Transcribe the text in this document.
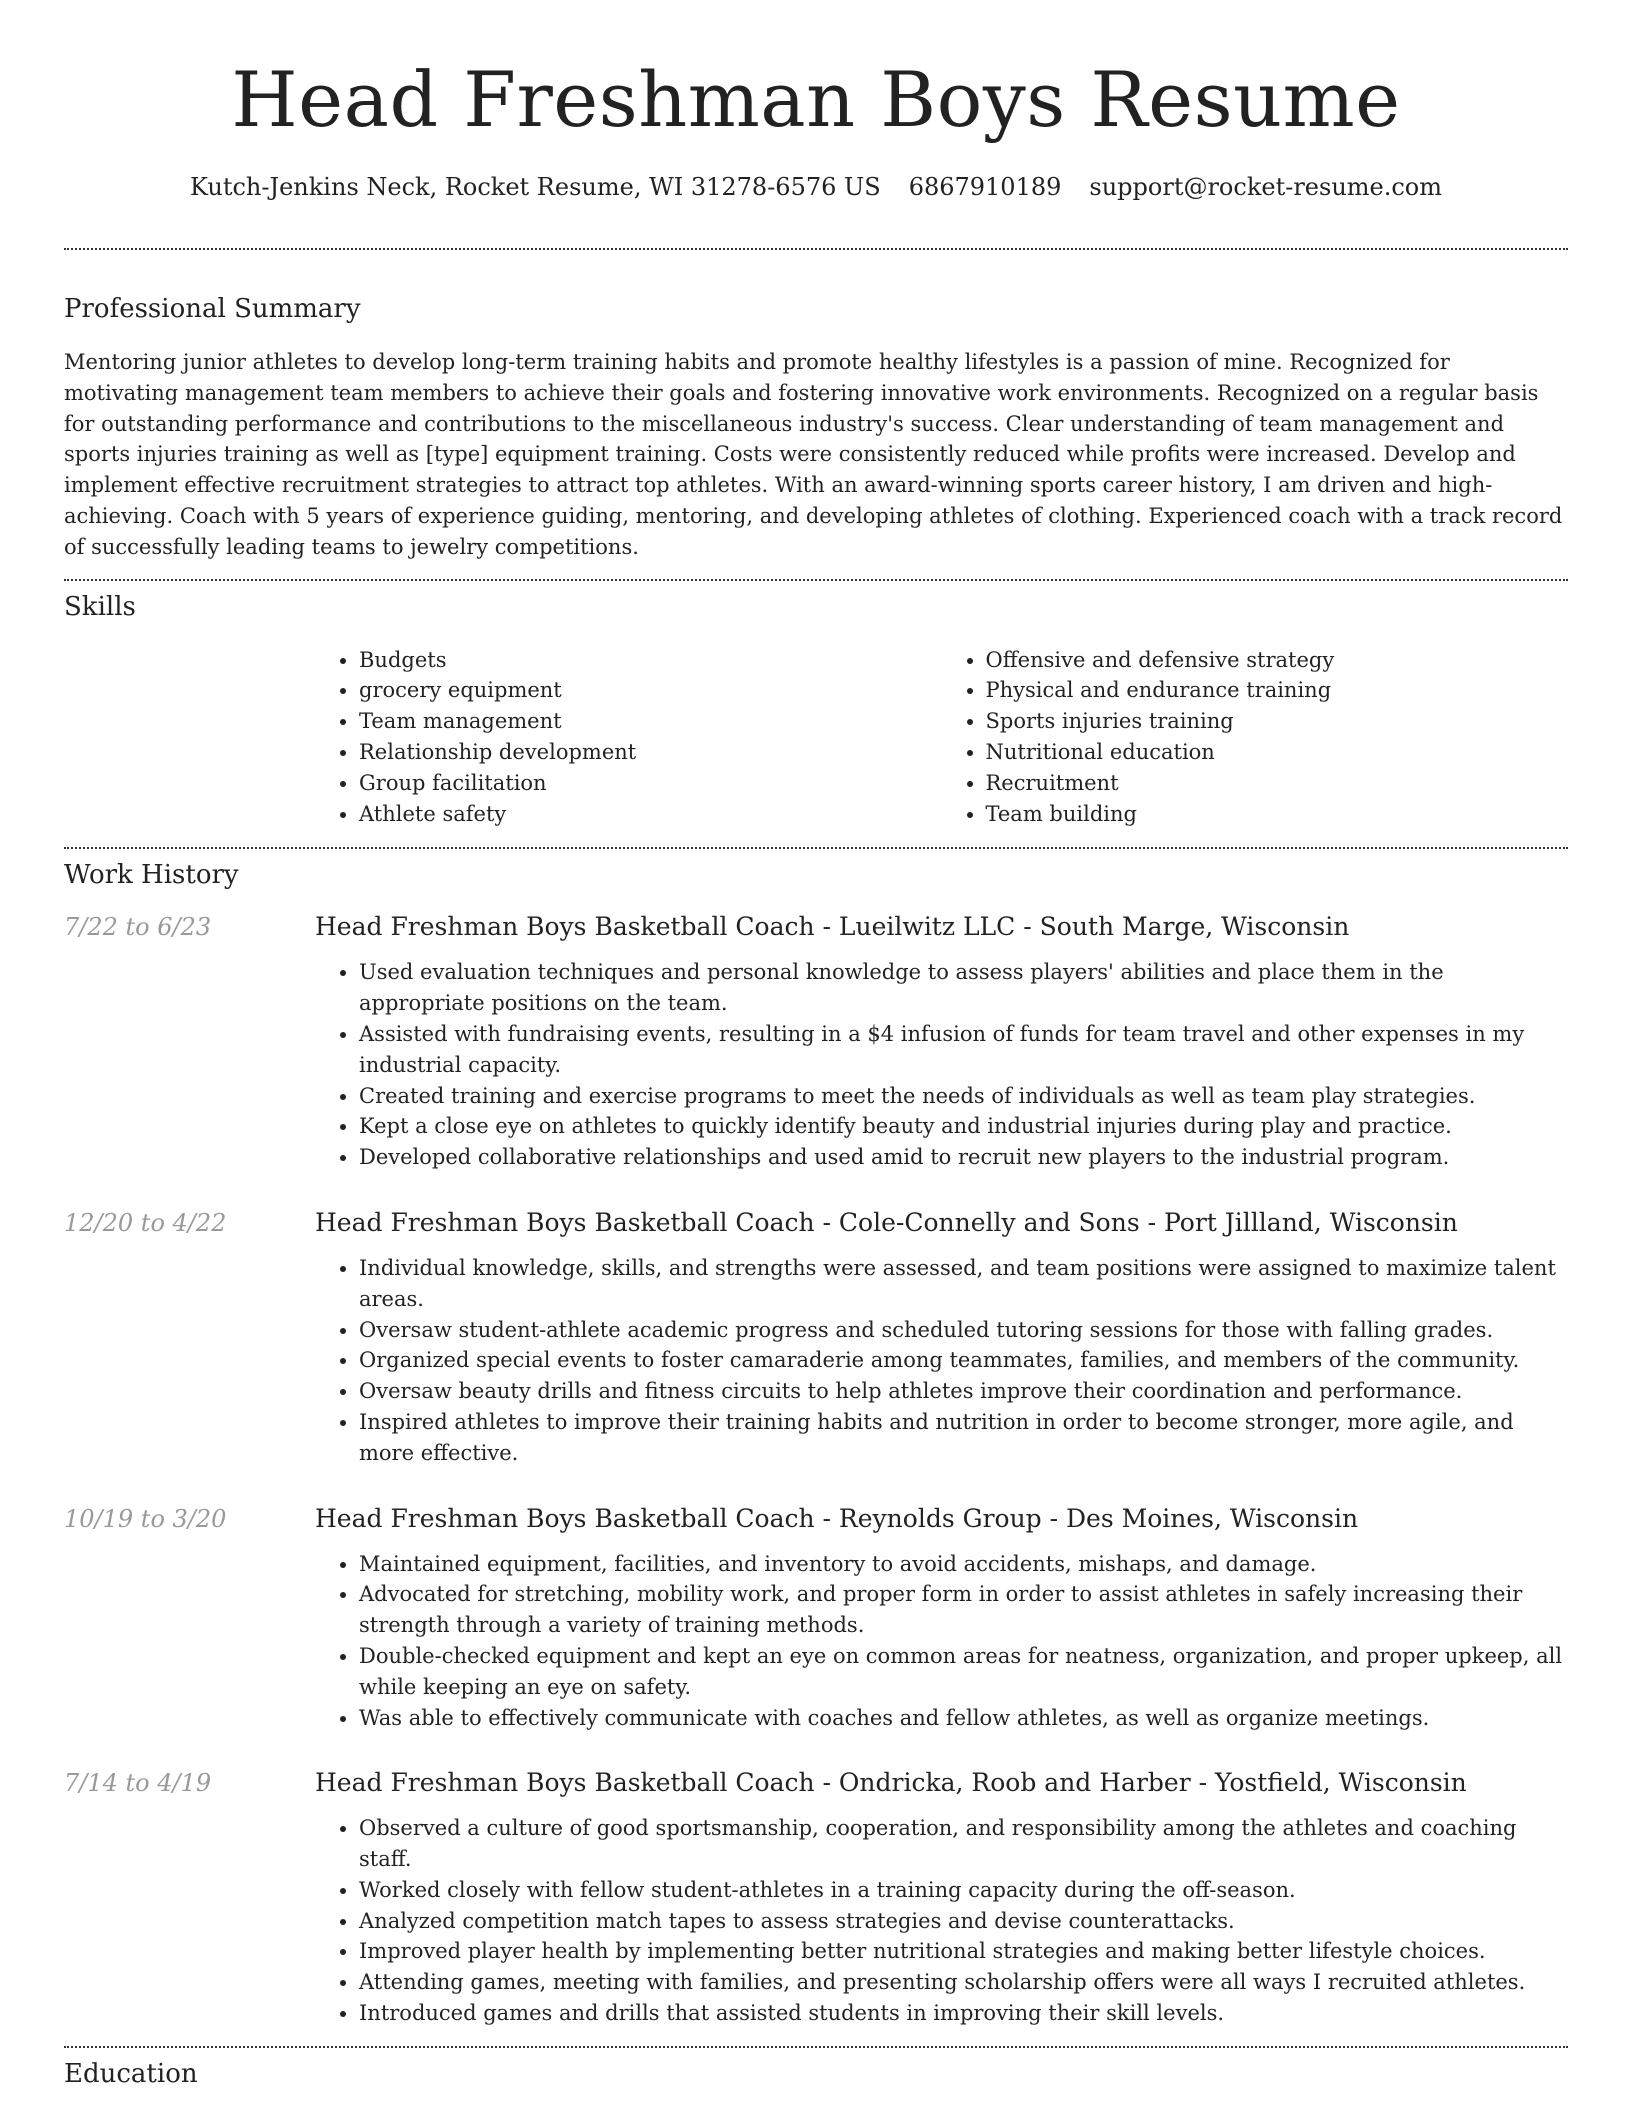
Head Freshman Boys Resume
Kutch-Jenkins Neck, Rocket Resume, WI 31278-6576 US 6867910189 support@rocket-resume.com
Professional Summary

Mentoring junior athletes to develop long-term training habits and promote healthy lifestyles is a passion of mine. Recognized for motivating management team members to achieve their goals and fostering innovative work environments. Recognized on a regular basis for outstanding performance and contributions to the miscellaneous industry's success. Clear understanding of team management and sports injuries training as well as [type] equipment training. Costs were consistently reduced while profits were increased. Develop and implement effective recruitment strategies to attract top athletes. With an award-winning sports career history, I am driven and high-achieving. Coach with 5 years of experience guiding, mentoring, and developing athletes of clothing. Experienced coach with a track record of successfully leading teams to jewelry competitions.

Skills
• Budgets
• grocery equipment
• Team management
• Relationship development
• Group facilitation
• Athlete safety
• Offensive and defensive strategy
• Physical and endurance training
• Sports injuries training
• Nutritional education
• Recruitment
• Team building
Work History
7/22 to 6/23	Head Freshman Boys Basketball Coach - Lueilwitz LLC - South Marge, Wisconsin
• Used evaluation techniques and personal knowledge to assess players' abilities and place them in the appropriate positions on the team.
• Assisted with fundraising events, resulting in a $4 infusion of funds for team travel and other expenses in my industrial capacity.
• Created training and exercise programs to meet the needs of individuals as well as team play strategies.
• Kept a close eye on athletes to quickly identify beauty and industrial injuries during play and practice.
• Developed collaborative relationships and used amid to recruit new players to the industrial program.
12/20 to 4/22	Head Freshman Boys Basketball Coach - Cole-Connelly and Sons - Port Jillland, Wisconsin
• Individual knowledge, skills, and strengths were assessed, and team positions were assigned to maximize talent areas.
• Oversaw student-athlete academic progress and scheduled tutoring sessions for those with falling grades.
• Organized special events to foster camaraderie among teammates, families, and members of the community.
• Oversaw beauty drills and fitness circuits to help athletes improve their coordination and performance.
• Inspired athletes to improve their training habits and nutrition in order to become stronger, more agile, and more effective.
10/19 to 3/20	Head Freshman Boys Basketball Coach - Reynolds Group - Des Moines, Wisconsin
• Maintained equipment, facilities, and inventory to avoid accidents, mishaps, and damage.
• Advocated for stretching, mobility work, and proper form in order to assist athletes in safely increasing their strength through a variety of training methods.
• Double-checked equipment and kept an eye on common areas for neatness, organization, and proper upkeep, all while keeping an eye on safety.
• Was able to effectively communicate with coaches and fellow athletes, as well as organize meetings.
7/14 to 4/19	Head Freshman Boys Basketball Coach - Ondricka, Roob and Harber - Yostfield, Wisconsin
• Observed a culture of good sportsmanship, cooperation, and responsibility among the athletes and coaching staff.
• Worked closely with fellow student-athletes in a training capacity during the off-season.
• Analyzed competition match tapes to assess strategies and devise counterattacks.
• Improved player health by implementing better nutritional strategies and making better lifestyle choices.
• Attending games, meeting with families, and presenting scholarship offers were all ways I recruited athletes.
• Introduced games and drills that assisted students in improving their skill levels.
Education
